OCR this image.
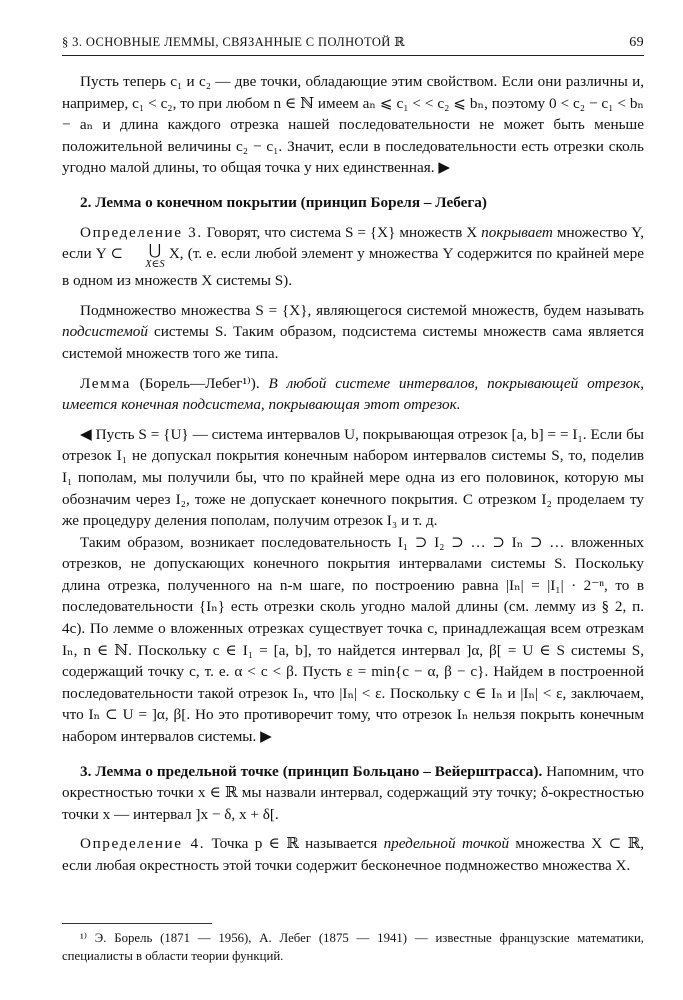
§ 3. ОСНОВНЫЕ ЛЕММЫ, СВЯЗАННЫЕ С ПОЛНОТОЙ ℝ	69

Пусть теперь c₁ и c₂ — две точки, обладающие этим свойством. Если они различны и, например, c₁ < c₂, то при любом n ∈ ℕ имеем aₙ ⩽ c₁ < < c₂ ⩽ bₙ, поэтому 0 < c₂ − c₁ < bₙ − aₙ и длина каждого отрезка нашей последовательности не может быть меньше положительной величины c₂ − c₁. Значит, если в последовательности есть отрезки сколь угодно малой длины, то общая точка у них единственная. ▶

2. Лемма о конечном покрытии (принцип Бореля – Лебега)

Определение 3. Говорят, что система S = {X} множеств X покрывает множество Y, если Y ⊂ ⋃
X∈S
X, (т. е. если любой элемент y множества Y содержится по крайней мере в одном из множеств X системы S).

Подмножество множества S = {X}, являющегося системой множеств, будем называть подсистемой системы S. Таким образом, подсистема системы множеств сама является системой множеств того же типа.

Лемма (Борель—Лебег¹⁾). В любой системе интервалов, покрывающей отрезок, имеется конечная подсистема, покрывающая этот отрезок.

◀ Пусть S = {U} — система интервалов U, покрывающая отрезок [a, b] = = I₁. Если бы отрезок I₁ не допускал покрытия конечным набором интервалов системы S, то, поделив I₁ пополам, мы получили бы, что по крайней мере одна из его половинок, которую мы обозначим через I₂, тоже не допускает конечного покрытия. С отрезком I₂ проделаем ту же процедуру деления пополам, получим отрезок I₃ и т. д.

Таким образом, возникает последовательность I₁ ⊃ I₂ ⊃ … ⊃ Iₙ ⊃ … вложенных отрезков, не допускающих конечного покрытия интервалами системы S. Поскольку длина отрезка, полученного на n-м шаге, по построению равна |Iₙ| = |I₁| · 2⁻ⁿ, то в последовательности {Iₙ} есть отрезки сколь угодно малой длины (см. лемму из § 2, п. 4c). По лемме о вложенных отрезках существует точка c, принадлежащая всем отрезкам Iₙ, n ∈ ℕ. Поскольку c ∈ I₁ = [a, b], то найдется интервал ]α, β[ = U ∈ S системы S, содержащий точку c, т. е. α < c < β. Пусть ε = min{c − α, β − c}. Найдем в построенной последовательности такой отрезок Iₙ, что |Iₙ| < ε. Поскольку c ∈ Iₙ и |Iₙ| < ε, заключаем, что Iₙ ⊂ U = ]α, β[. Но это противоречит тому, что отрезок Iₙ нельзя покрыть конечным набором интервалов системы. ▶

3. Лемма о предельной точке (принцип Больцано – Вейерштрасса). Напомним, что окрестностью точки x ∈ ℝ мы назвали интервал, содержащий эту точку; δ-окрестностью точки x — интервал ]x − δ, x + δ[.

Определение 4. Точка p ∈ ℝ называется предельной точкой множества X ⊂ ℝ, если любая окрестность этой точки содержит бесконечное подмножество множества X.

¹⁾ Э. Борель (1871 — 1956), А. Лебег (1875 — 1941) — известные французские математики, специалисты в области теории функций.
